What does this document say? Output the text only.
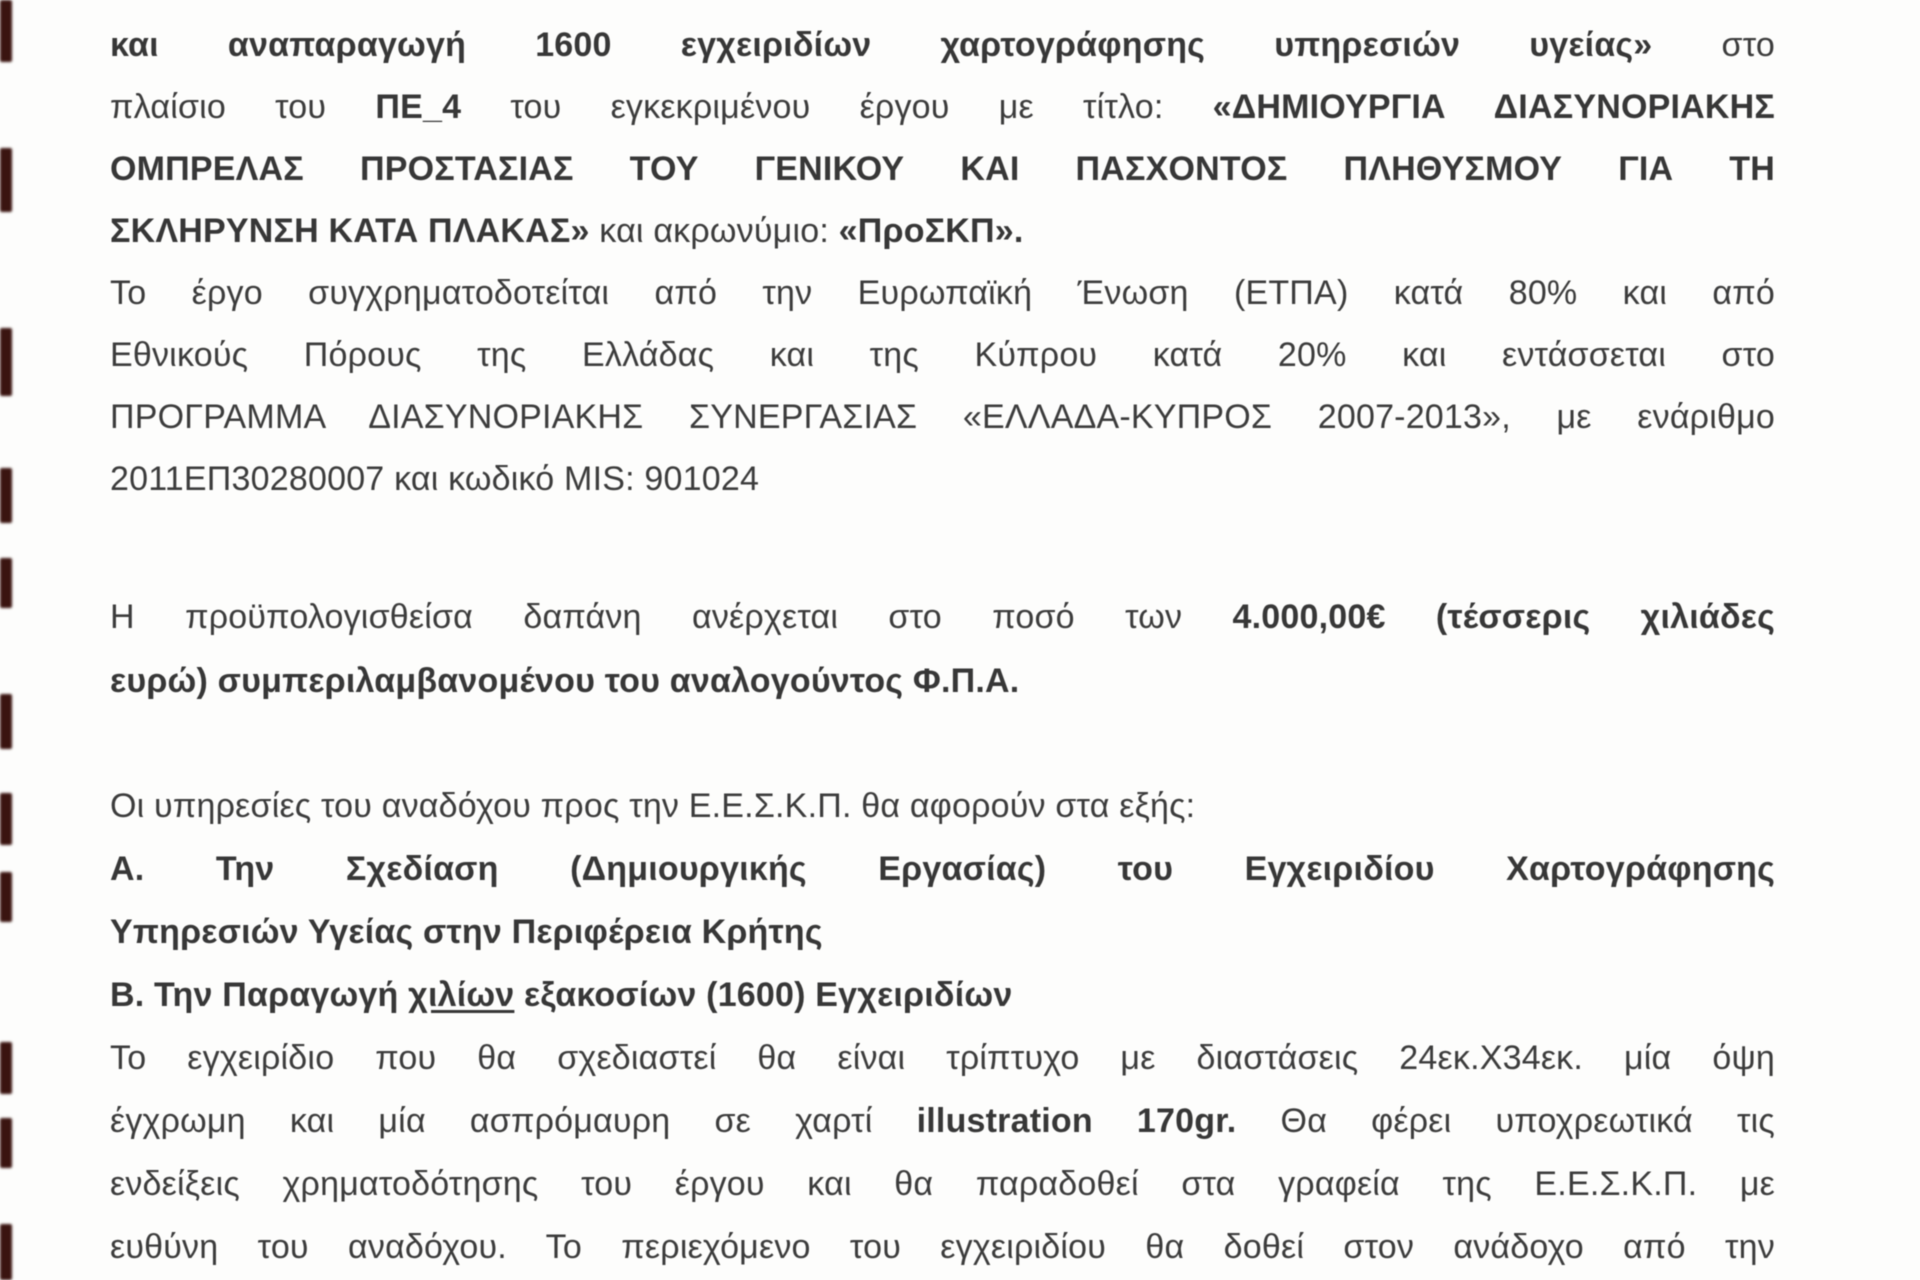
και αναπαραγωγή 1600 εγχειριδίων χαρτογράφησης υπηρεσιών υγείας» στο
πλαίσιο του ΠΕ_4 του εγκεκριμένου έργου με τίτλο: «ΔΗΜΙΟΥΡΓΙΑ ΔΙΑΣΥΝΟΡΙΑΚΗΣ
ΟΜΠΡΕΛΑΣ ΠΡΟΣΤΑΣΙΑΣ ΤΟΥ ΓΕΝΙΚΟΥ ΚΑΙ ΠΑΣΧΟΝΤΟΣ ΠΛΗΘΥΣΜΟΥ ΓΙΑ ΤΗ
ΣΚΛΗΡΥΝΣΗ ΚΑΤΑ ΠΛΑΚΑΣ» και ακρωνύμιο: «ΠροΣΚΠ».
Το έργο συγχρηματοδοτείται από την Ευρωπαϊκή Ένωση (ΕΤΠΑ) κατά 80% και από
Εθνικούς Πόρους της Ελλάδας και της Κύπρου κατά 20% και εντάσσεται στο
ΠΡΟΓΡΑΜΜΑ ΔΙΑΣΥΝΟΡΙΑΚΗΣ ΣΥΝΕΡΓΑΣΙΑΣ «ΕΛΛΑΔΑ-ΚΥΠΡΟΣ 2007-2013», με ενάριθμο
2011ΕΠ30280007 και κωδικό MIS: 901024
Η προϋπολογισθείσα δαπάνη ανέρχεται στο ποσό των 4.000,00€ (τέσσερις χιλιάδες
ευρώ) συμπεριλαμβανομένου του αναλογούντος Φ.Π.Α.
Οι υπηρεσίες του αναδόχου προς την Ε.Ε.Σ.Κ.Π. θα αφορούν στα εξής:
Α. Την Σχεδίαση (Δημιουργικής Εργασίας) του Εγχειριδίου Χαρτογράφησης
Υπηρεσιών Υγείας στην Περιφέρεια Κρήτης
Β. Την Παραγωγή χιλίων εξακοσίων (1600) Εγχειριδίων
Το εγχειρίδιο που θα σχεδιαστεί θα είναι τρίπτυχο με διαστάσεις 24εκ.Χ34εκ. μία όψη
έγχρωμη και μία ασπρόμαυρη σε χαρτί illustration 170gr. Θα φέρει υποχρεωτικά τις
ενδείξεις χρηματοδότησης του έργου και θα παραδοθεί στα γραφεία της Ε.Ε.Σ.Κ.Π. με
ευθύνη του αναδόχου. Το περιεχόμενο του εγχειριδίου θα δοθεί στον ανάδοχο από την
